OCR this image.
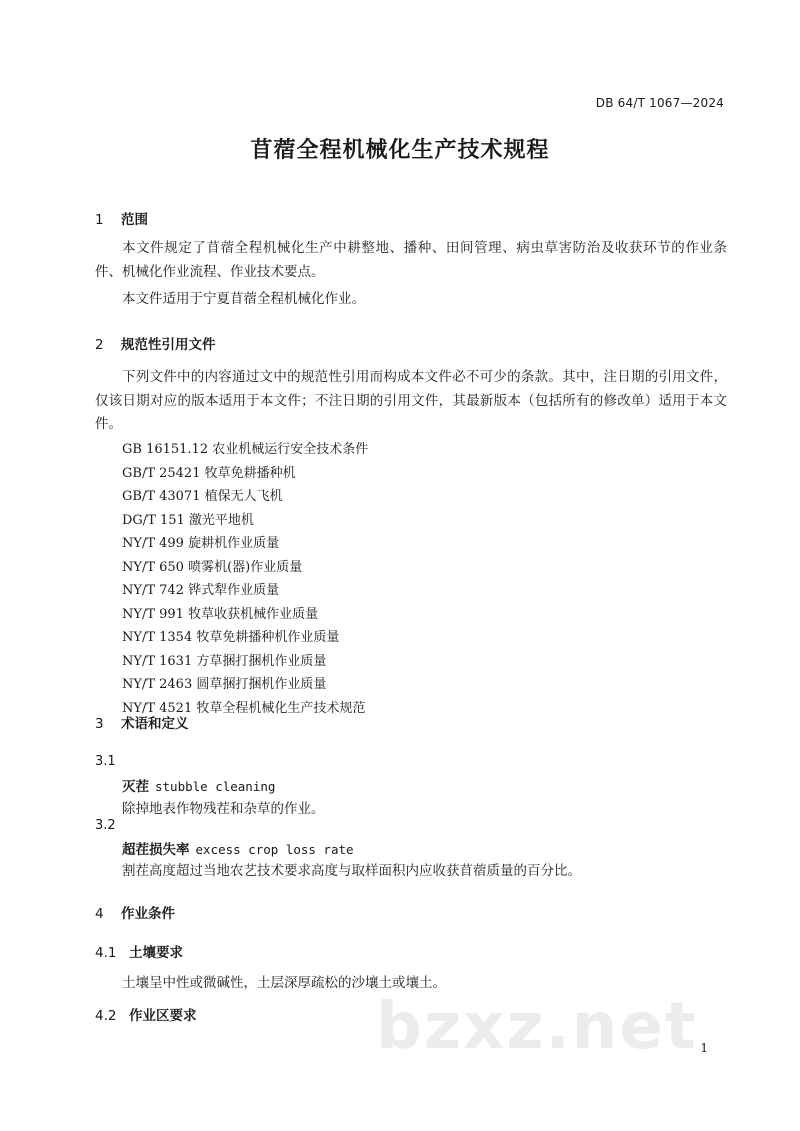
DB 64/T 1067—2024
苜蓿全程机械化生产技术规程
1 范围

本文件规定了苜蓿全程机械化生产中耕整地、播种、田间管理、病虫草害防治及收获环节的作业条件、机械化作业流程、作业技术要点。

本文件适用于宁夏苜蓿全程机械化作业。

2 规范性引用文件

下列文件中的内容通过文中的规范性引用而构成本文件必不可少的条款。其中，注日期的引用文件，仅该日期对应的版本适用于本文件；不注日期的引用文件，其最新版本（包括所有的修改单）适用于本文件。

GB 16151.12 农业机械运行安全技术条件
GB/T 25421 牧草免耕播种机
GB/T 43071 植保无人飞机
DG/T 151 激光平地机
NY/T 499 旋耕机作业质量
NY/T 650 喷雾机(器)作业质量
NY/T 742 铧式犁作业质量
NY/T 991 牧草收获机械作业质量
NY/T 1354 牧草免耕播种机作业质量
NY/T 1631 方草捆打捆机作业质量
NY/T 2463 圆草捆打捆机作业质量
NY/T 4521 牧草全程机械化生产技术规范
3 术语和定义
3.1
灭茬 stubble cleaning
除掉地表作物残茬和杂草的作业。
3.2
超茬损失率 excess crop loss rate
割茬高度超过当地农艺技术要求高度与取样面积内应收获苜蓿质量的百分比。
4 作业条件
4.1 土壤要求
土壤呈中性或微碱性，土层深厚疏松的沙壤土或壤土。
4.2 作业区要求	bzxz.net 1
